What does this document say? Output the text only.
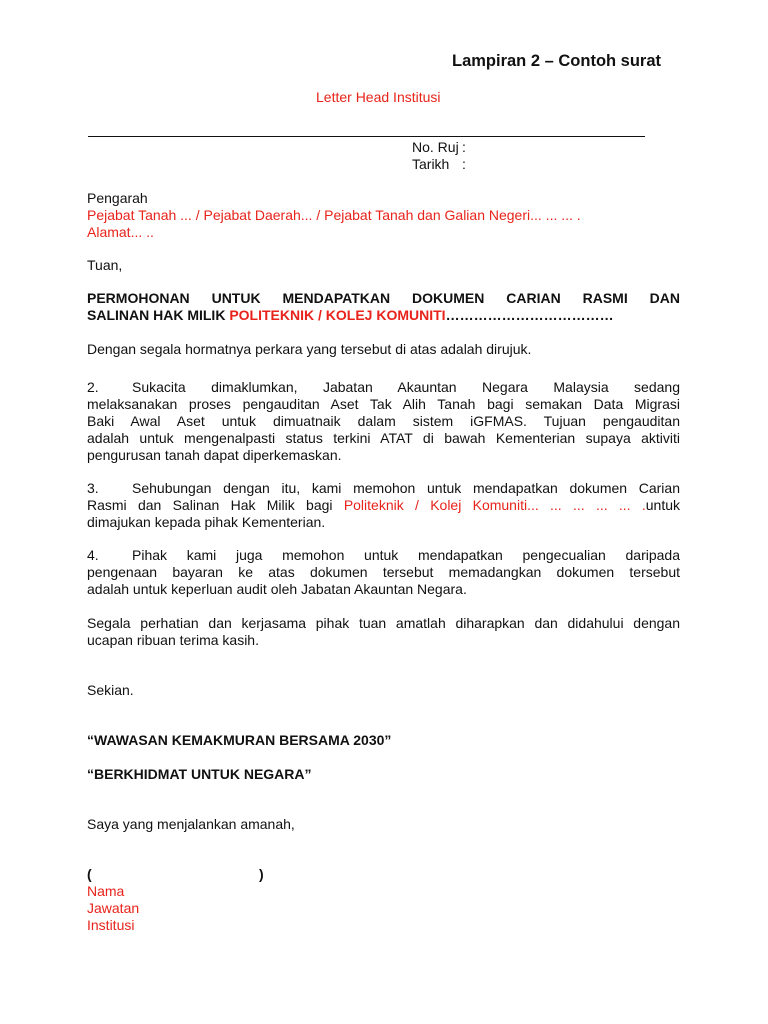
Lampiran 2 – Contoh surat
Letter Head Institusi
No. Ruj :
Tarikh :
Pengarah
Pejabat Tanah ... / Pejabat Daerah... / Pejabat Tanah dan Galian Negeri... ... ... .
Alamat... ..
Tuan,
PERMOHONAN UNTUK MENDAPATKAN DOKUMEN CARIAN RASMI DAN
SALINAN HAK MILIK POLITEKNIK / KOLEJ KOMUNITI………………………………
Dengan segala hormatnya perkara yang tersebut di atas adalah dirujuk.
2. Sukacita dimaklumkan, Jabatan Akauntan Negara Malaysia sedang
melaksanakan proses pengauditan Aset Tak Alih Tanah bagi semakan Data Migrasi
Baki Awal Aset untuk dimuatnaik dalam sistem iGFMAS. Tujuan pengauditan
adalah untuk mengenalpasti status terkini ATAT di bawah Kementerian supaya aktiviti
pengurusan tanah dapat diperkemaskan.
3. Sehubungan dengan itu, kami memohon untuk mendapatkan dokumen Carian
Rasmi dan Salinan Hak Milik bagi Politeknik / Kolej Komuniti... ... ... ... ... .untuk
dimajukan kepada pihak Kementerian.
4. Pihak kami juga memohon untuk mendapatkan pengecualian daripada
pengenaan bayaran ke atas dokumen tersebut memadangkan dokumen tersebut
adalah untuk keperluan audit oleh Jabatan Akauntan Negara.
Segala perhatian dan kerjasama pihak tuan amatlah diharapkan dan didahului dengan
ucapan ribuan terima kasih.
Sekian.
“WAWASAN KEMAKMURAN BERSAMA 2030”
“BERKHIDMAT UNTUK NEGARA”
Saya yang menjalankan amanah,
(	)
Nama
Jawatan
Institusi
